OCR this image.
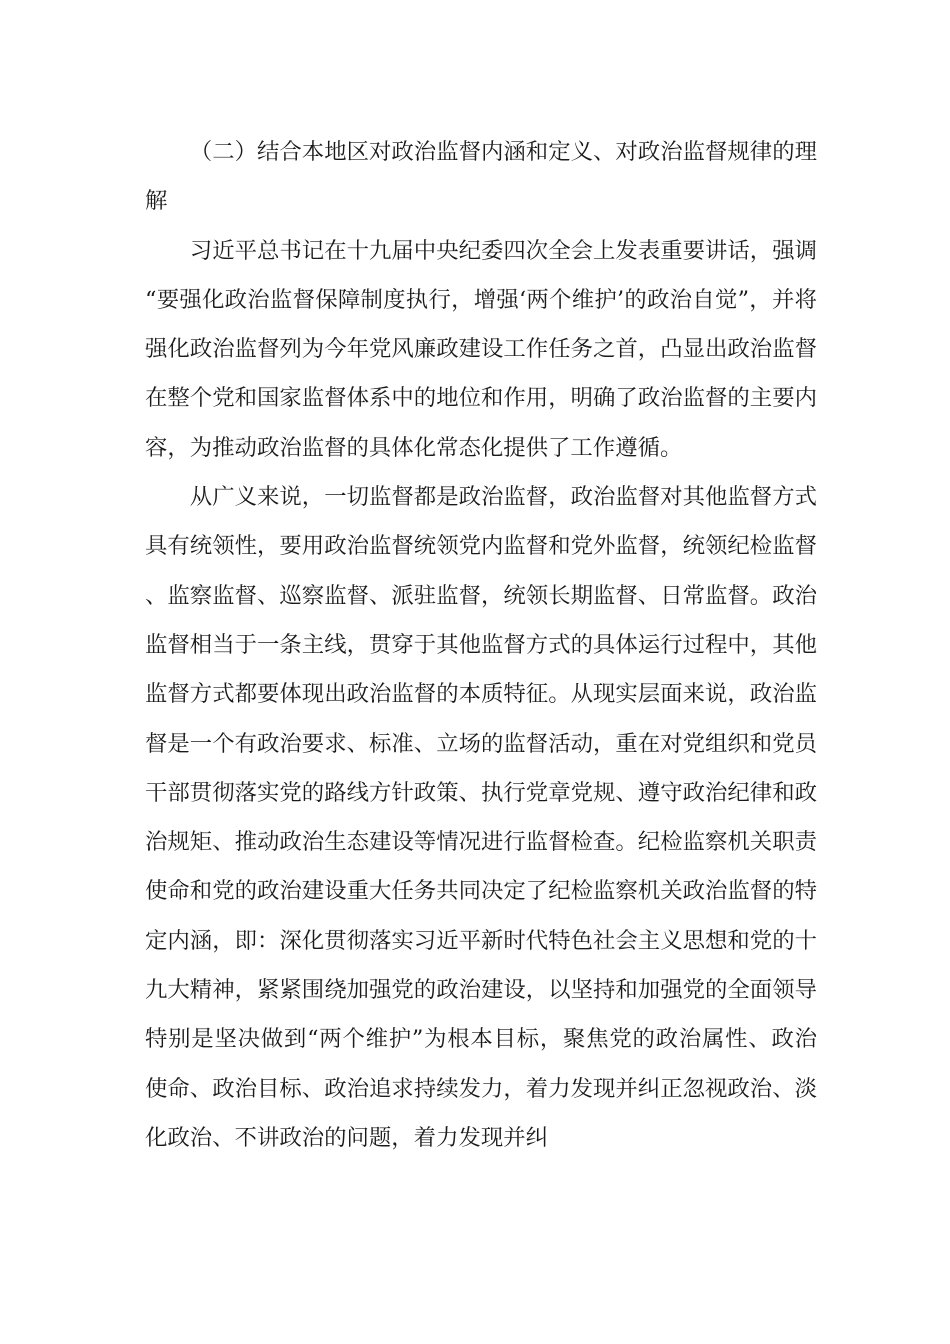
（二）结合本地区对政治监督内涵和定义、对政治监督规律的理解

习近平总书记在十九届中央纪委四次全会上发表重要讲话，强调“要强化政治监督保障制度执行，增强‘两个维护’的政治自觉”，并将强化政治监督列为今年党风廉政建设工作任务之首，凸显出政治监督在整个党和国家监督体系中的地位和作用，明确了政治监督的主要内容，为推动政治监督的具体化常态化提供了工作遵循。

从广义来说，一切监督都是政治监督，政治监督对其他监督方式具有统领性，要用政治监督统领党内监督和党外监督，统领纪检监督、监察监督、巡察监督、派驻监督，统领长期监督、日常监督。政治监督相当于一条主线，贯穿于其他监督方式的具体运行过程中，其他监督方式都要体现出政治监督的本质特征。从现实层面来说，政治监督是一个有政治要求、标准、立场的监督活动，重在对党组织和党员干部贯彻落实党的路线方针政策、执行党章党规、遵守政治纪律和政治规矩、推动政治生态建设等情况进行监督检查。纪检监察机关职责使命和党的政治建设重大任务共同决定了纪检监察机关政治监督的特定内涵，即：深化贯彻落实习近平新时代特色社会主义思想和党的十九大精神，紧紧围绕加强党的政治建设，以坚持和加强党的全面领导特别是坚决做到“两个维护”为根本目标，聚焦党的政治属性、政治使命、政治目标、政治追求持续发力，着力发现并纠正忽视政治、淡化政治、不讲政治的问题，着力发现并纠
